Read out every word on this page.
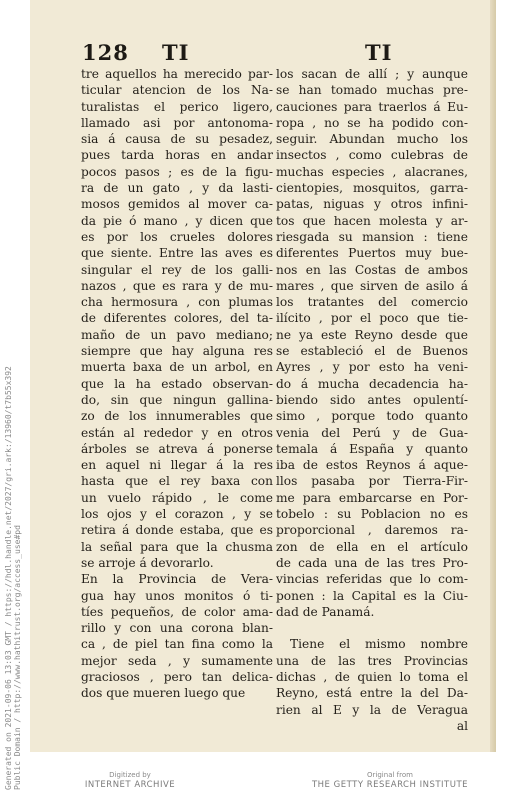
128 TI	TI
tre aquellos ha merecido par-
ticular atencion de los Na-
turalistas el perico ligero,
llamado asi por antonoma-
sia á causa de su pesadez,
pues tarda horas en andar
pocos pasos ; es de la figu-
ra de un gato , y da lasti-
mosos gemidos al mover ca-
da pie ó mano , y dicen que
es por los crueles dolores
que siente. Entre las aves es
singular el rey de los galli-
nazos , que es rara y de mu-
cha hermosura , con plumas
de diferentes colores, del ta-
maño de un pavo mediano;
siempre que hay alguna res
muerta baxa de un arbol, en
que la ha estado observan-
do, sin que ningun gallina-
zo de los innumerables que
están al rededor y en otros
árboles se atreva á ponerse
en aquel ni llegar á la res
hasta que el rey baxa con
un vuelo rápido , le come
los ojos y el corazon , y se
retira á donde estaba, que es
la señal para que la chusma
se arroje á devorarlo.
En la Provincia de Vera-
gua hay unos monitos ó ti-
tíes pequeños, de color ama-
rillo y con una corona blan-
ca , de piel tan fina como la
mejor seda , y sumamente
graciosos , pero tan delica-
dos que mueren luego que
los sacan de allí ; y aunque
se han tomado muchas pre-
cauciones para traerlos á Eu-
ropa , no se ha podido con-
seguir. Abundan mucho los
insectos , como culebras de
muchas especies , alacranes,
cientopies, mosquitos, garra-
patas, niguas y otros infini-
tos que hacen molesta y ar-
riesgada su mansion : tiene
diferentes Puertos muy bue-
nos en las Costas de ambos
mares , que sirven de asilo á
los tratantes del comercio
ilícito , por el poco que tie-
ne ya este Reyno desde que
se estableció el de Buenos
Ayres , y por esto ha veni-
do á mucha decadencia ha-
biendo sido antes opulentí-
simo , porque todo quanto
venia del Perú y de Gua-
temala á España y quanto
iba de estos Reynos á aque-
llos pasaba por Tierra-Fir-
me para embarcarse en Por-
tobelo : su Poblacion no es
proporcional , daremos ra-
zon de ella en el artículo
de cada una de las tres Pro-
vincias referidas que lo com-
ponen : la Capital es la Ciu-
dad de Panamá.

Tiene el mismo nombre
una de las tres Provincias
dichas , de quien lo toma el
Reyno, está entre la del Da-
rien al E y la de Veragua
al
Generated on 2021-09-06 13:03 GMT / https://hdl.handle.net/2027/gri.ark:/13960/t7b55x392 Public Domain / http://www.hathitrust.org/access_use#pd	Digitized by
INTERNET ARCHIVE
Original from
THE GETTY RESEARCH INSTITUTE
